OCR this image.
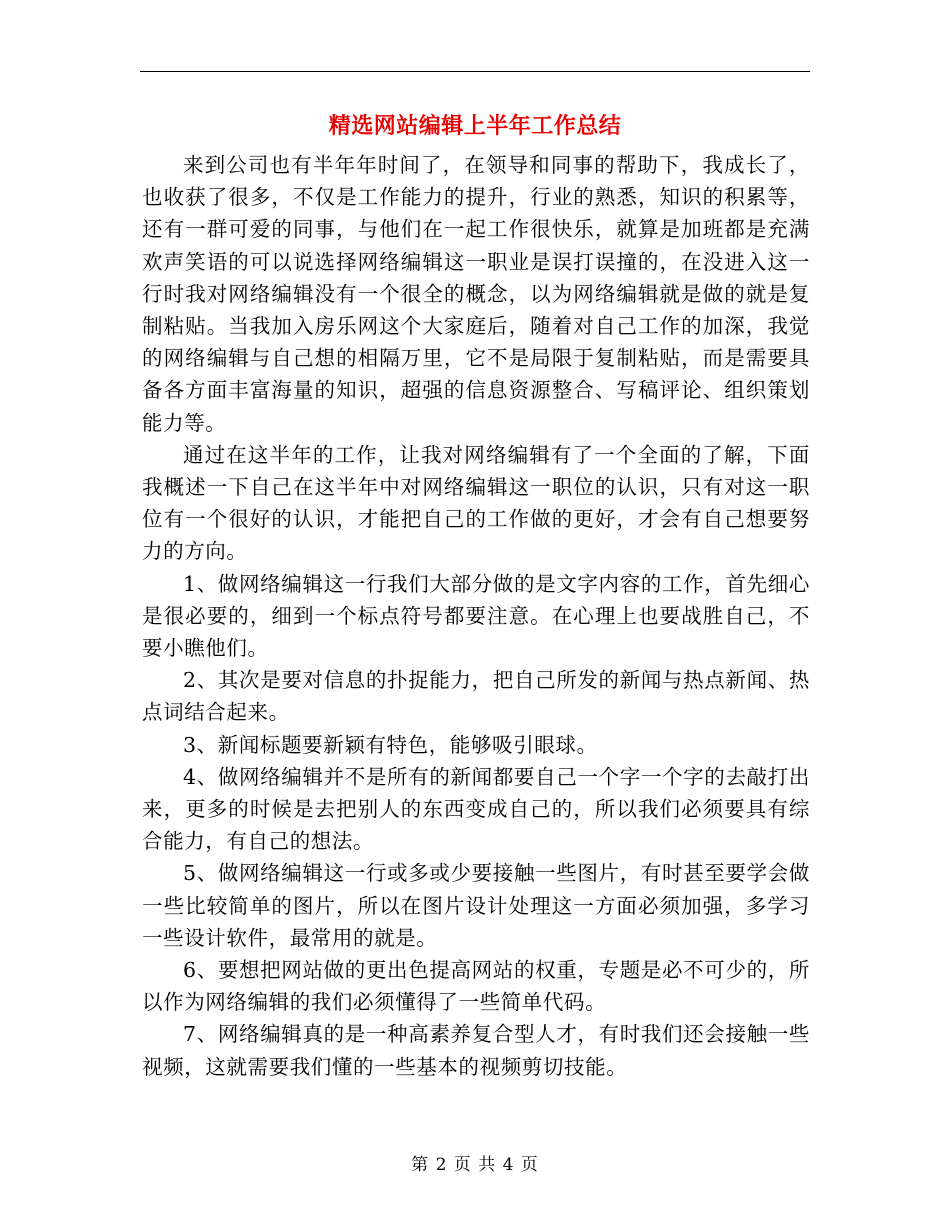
精选网站编辑上半年工作总结

来到公司也有半年年时间了，在领导和同事的帮助下，我成长了，也收获了很多，不仅是工作能力的提升，行业的熟悉，知识的积累等，还有一群可爱的同事，与他们在一起工作很快乐，就算是加班都是充满欢声笑语的可以说选择网络编辑这一职业是误打误撞的，在没进入这一行时我对网络编辑没有一个很全的概念，以为网络编辑就是做的就是复制粘贴。当我加入房乐网这个大家庭后，随着对自己工作的加深，我觉的网络编辑与自己想的相隔万里，它不是局限于复制粘贴，而是需要具备各方面丰富海量的知识，超强的信息资源整合、写稿评论、组织策划能力等。

通过在这半年的工作，让我对网络编辑有了一个全面的了解，下面我概述一下自己在这半年中对网络编辑这一职位的认识，只有对这一职位有一个很好的认识，才能把自己的工作做的更好，才会有自己想要努力的方向。

1、做网络编辑这一行我们大部分做的是文字内容的工作，首先细心是很必要的，细到一个标点符号都要注意。在心理上也要战胜自己，不要小瞧他们。

2、其次是要对信息的扑捉能力，把自己所发的新闻与热点新闻、热点词结合起来。

3、新闻标题要新颖有特色，能够吸引眼球。

4、做网络编辑并不是所有的新闻都要自己一个字一个字的去敲打出来，更多的时候是去把别人的东西变成自己的，所以我们必须要具有综合能力，有自己的想法。

5、做网络编辑这一行或多或少要接触一些图片，有时甚至要学会做一些比较简单的图片，所以在图片设计处理这一方面必须加强，多学习一些设计软件，最常用的就是。

6、要想把网站做的更出色提高网站的权重，专题是必不可少的，所以作为网络编辑的我们必须懂得了一些简单代码。

7、网络编辑真的是一种高素养复合型人才，有时我们还会接触一些视频，这就需要我们懂的一些基本的视频剪切技能。

第 2 页 共 4 页
